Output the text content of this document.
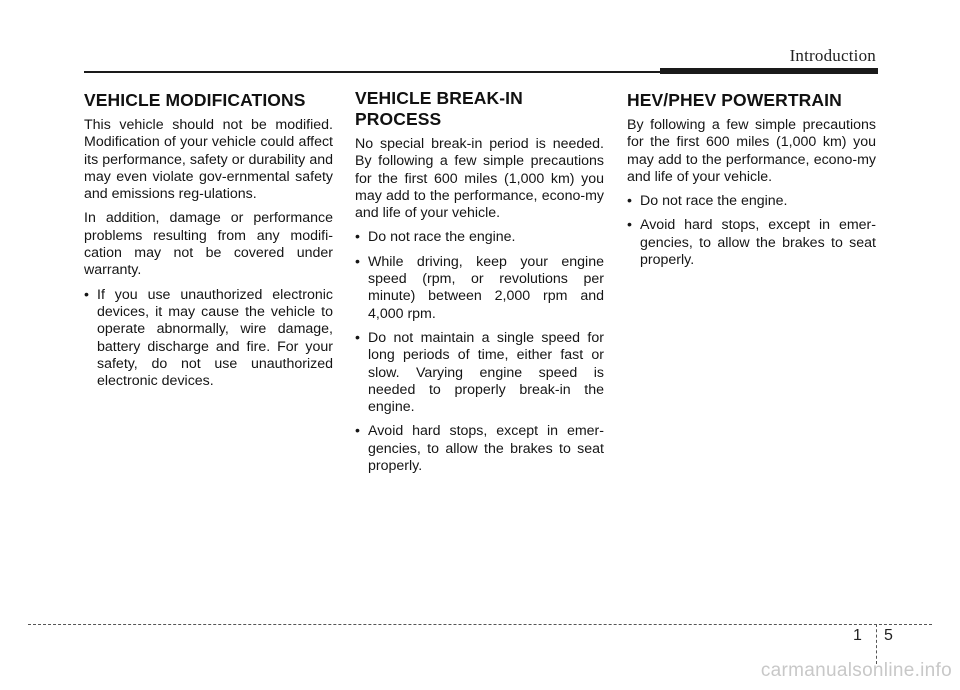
Introduction
VEHICLE MODIFICATIONS

This vehicle should not be modified. Modification of your vehicle could affect its performance, safety or durability and may even violate gov-ernmental safety and emissions reg-ulations.

In addition, damage or performance problems resulting from any modifi-cation may not be covered under warranty.

• If you use unauthorized electronic devices, it may cause the vehicle to operate abnormally, wire damage, battery discharge and fire. For your safety, do not use unauthorized electronic devices.
VEHICLE BREAK-IN
PROCESS

No special break-in period is needed. By following a few simple precautions for the first 600 miles (1,000 km) you may add to the performance, econo-my and life of your vehicle.

• Do not race the engine.
• While driving, keep your engine speed (rpm, or revolutions per minute) between 2,000 rpm and 4,000 rpm.
• Do not maintain a single speed for long periods of time, either fast or slow. Varying engine speed is needed to properly break-in the engine.
• Avoid hard stops, except in emer-gencies, to allow the brakes to seat properly.
HEV/PHEV POWERTRAIN

By following a few simple precautions for the first 600 miles (1,000 km) you may add to the performance, econo-my and life of your vehicle.

• Do not race the engine.
• Avoid hard stops, except in emer-gencies, to allow the brakes to seat properly.
1 5
carmanualsonline.info
